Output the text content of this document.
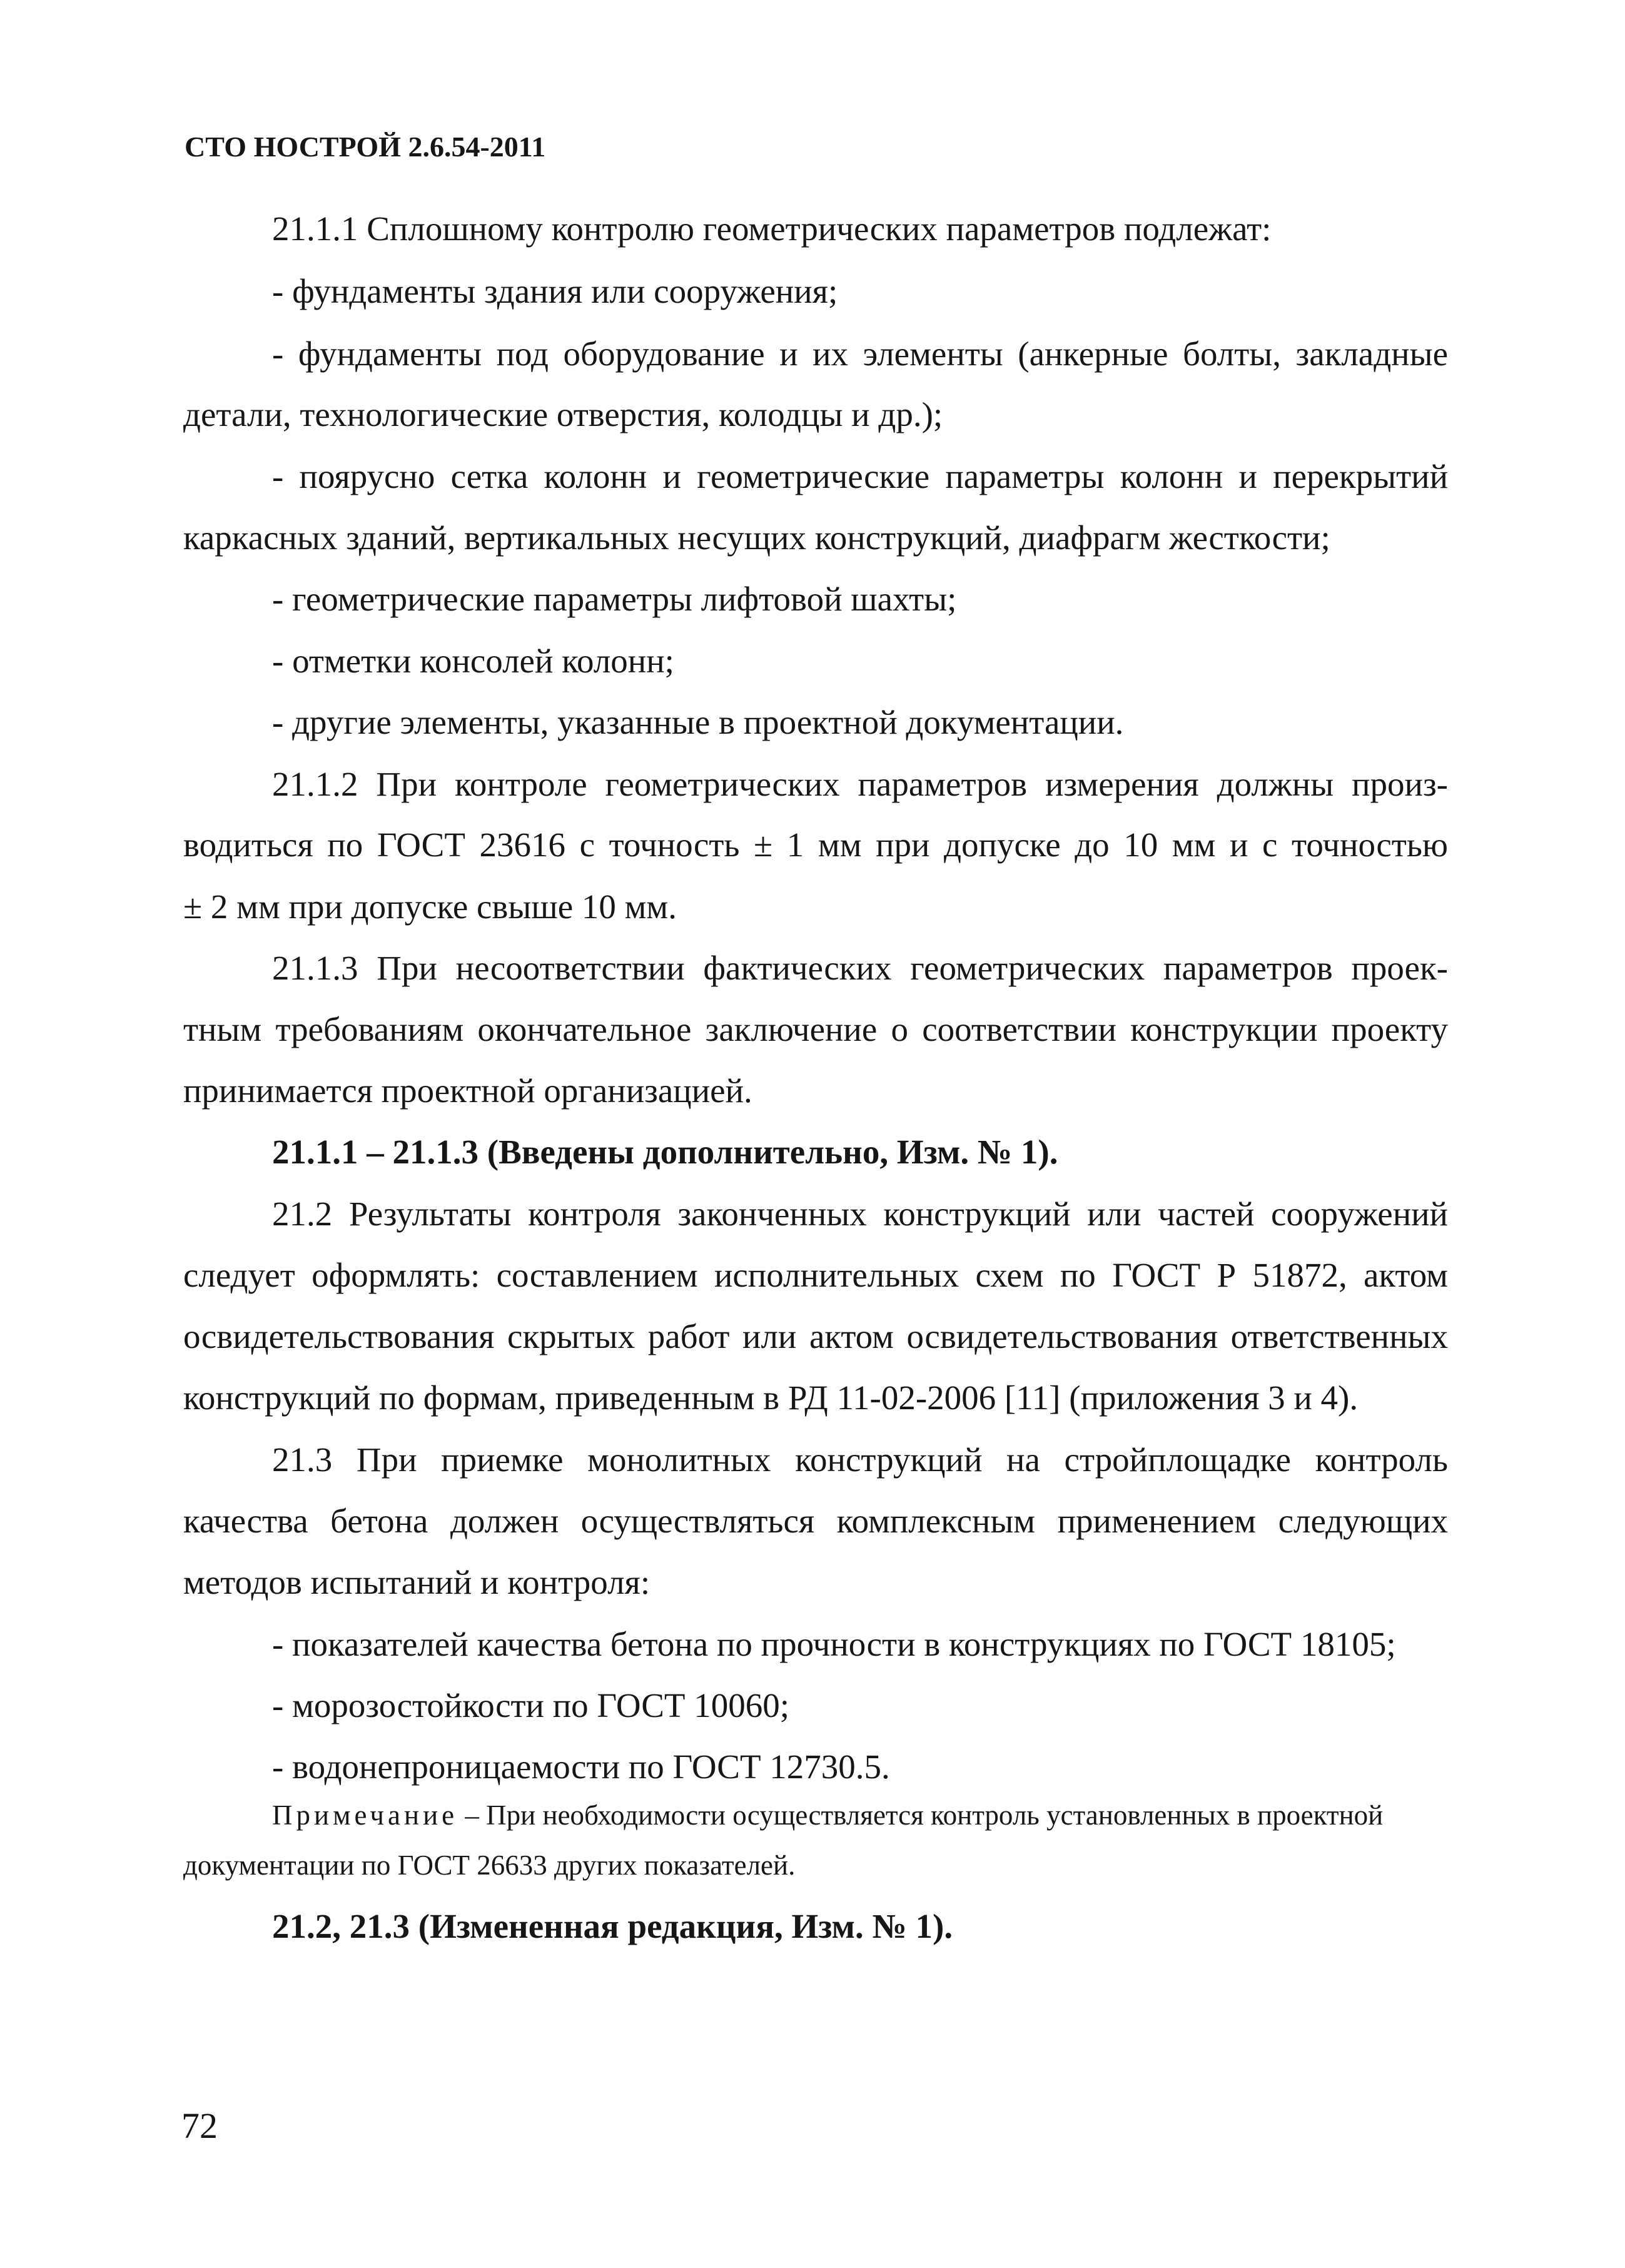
СТО НОСТРОЙ 2.6.54-2011
21.1.1 Сплошному контролю геометрических параметров подлежат:
- фундаменты здания или сооружения;
- фундаменты под оборудование и их элементы (анкерные болты, закладные
детали, технологические отверстия, колодцы и др.);
- поярусно сетка колонн и геометрические параметры колонн и перекрытий
каркасных зданий, вертикальных несущих конструкций, диафрагм жесткости;
- геометрические параметры лифтовой шахты;
- отметки консолей колонн;
- другие элементы, указанные в проектной документации.
21.1.2 При контроле геометрических параметров измерения должны произ-
водиться по ГОСТ 23616 с точность ± 1 мм при допуске до 10 мм и с точностью
± 2 мм при допуске свыше 10 мм.
21.1.3 При несоответствии фактических геометрических параметров проек-
тным требованиям окончательное заключение о соответствии конструкции проекту
принимается проектной организацией.
21.1.1 – 21.1.3 (Введены дополнительно, Изм. № 1).
21.2 Результаты контроля законченных конструкций или частей сооружений
следует оформлять: составлением исполнительных схем по ГОСТ Р 51872, актом
освидетельствования скрытых работ или актом освидетельствования ответственных
конструкций по формам, приведенным в РД 11-02-2006 [11] (приложения 3 и 4).
21.3 При приемке монолитных конструкций на стройплощадке контроль
качества бетона должен осуществляться комплексным применением следующих
методов испытаний и контроля:
- показателей качества бетона по прочности в конструкциях по ГОСТ 18105;
- морозостойкости по ГОСТ 10060;
- водонепроницаемости по ГОСТ 12730.5.
Примечание – При необходимости осуществляется контроль установленных в проектной
документации по ГОСТ 26633 других показателей.
21.2, 21.3 (Измененная редакция, Изм. № 1).
72
